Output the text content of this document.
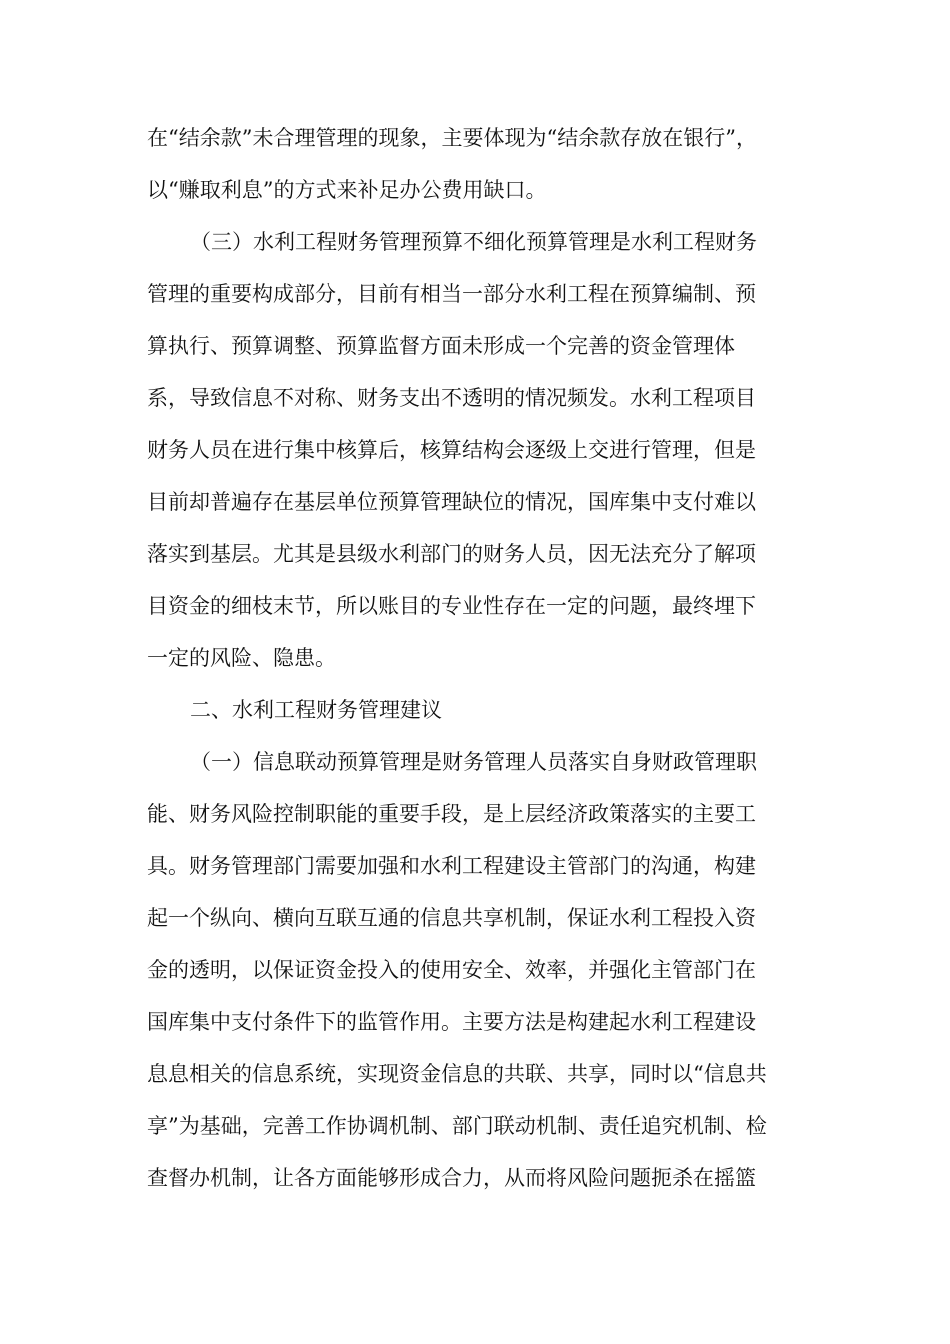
在“结余款”未合理管理的现象，主要体现为“结余款存放在银行”，
以“赚取利息”的方式来补足办公费用缺口。
（三）水利工程财务管理预算不细化预算管理是水利工程财务
管理的重要构成部分，目前有相当一部分水利工程在预算编制、预
算执行、预算调整、预算监督方面未形成一个完善的资金管理体
系，导致信息不对称、财务支出不透明的情况频发。水利工程项目
财务人员在进行集中核算后，核算结构会逐级上交进行管理，但是
目前却普遍存在基层单位预算管理缺位的情况，国库集中支付难以
落实到基层。尤其是县级水利部门的财务人员，因无法充分了解项
目资金的细枝末节，所以账目的专业性存在一定的问题，最终埋下
一定的风险、隐患。
二、水利工程财务管理建议
（一）信息联动预算管理是财务管理人员落实自身财政管理职
能、财务风险控制职能的重要手段，是上层经济政策落实的主要工
具。财务管理部门需要加强和水利工程建设主管部门的沟通，构建
起一个纵向、横向互联互通的信息共享机制，保证水利工程投入资
金的透明，以保证资金投入的使用安全、效率，并强化主管部门在
国库集中支付条件下的监管作用。主要方法是构建起水利工程建设
息息相关的信息系统，实现资金信息的共联、共享，同时以“信息共
享”为基础，完善工作协调机制、部门联动机制、责任追究机制、检
查督办机制，让各方面能够形成合力，从而将风险问题扼杀在摇篮
